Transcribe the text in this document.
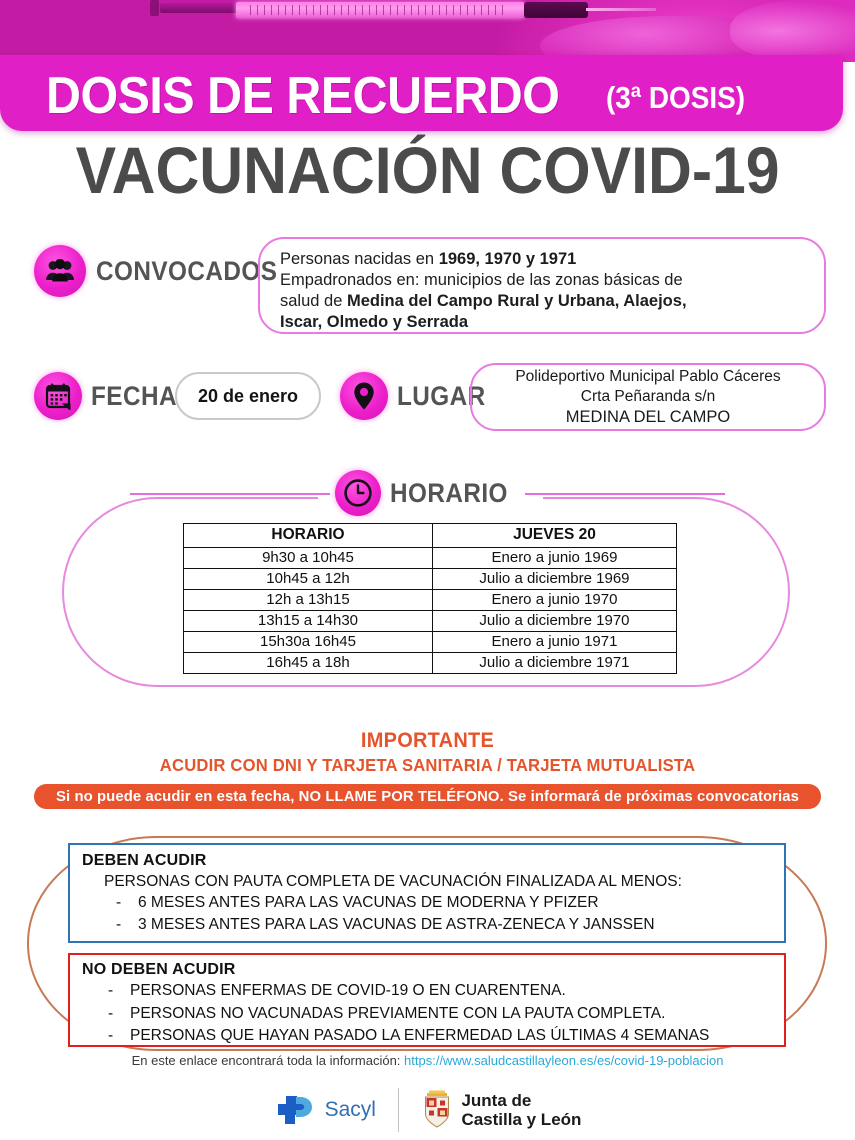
DOSIS DE RECUERDO (3ª DOSIS)
VACUNACIÓN COVID-19
CONVOCADOS Personas nacidas en 1969, 1970 y 1971

Empadronados en: municipios de las zonas básicas de

salud de Medina del Campo Rural y Urbana, Alaejos,

Iscar, Olmedo y Serrada

FECHA	20 de enero	LUGAR
Polideportivo Municipal Pablo Cáceres
Crta Peñaranda s/n
MEDINA DEL CAMPO
HORARIO
HORARIO	JUEVES 20
9h30 a 10h45	Enero a junio 1969
10h45 a 12h	Julio a diciembre 1969
12h a 13h15	Enero a junio 1970
13h15 a 14h30	Julio a diciembre 1970
15h30a 16h45	Enero a junio 1971
16h45 a 18h	Julio a diciembre 1971
IMPORTANTE
ACUDIR CON DNI Y TARJETA SANITARIA / TARJETA MUTUALISTA
Si no puede acudir en esta fecha, NO LLAME POR TELÉFONO. Se informará de próximas convocatorias
DEBEN ACUDIR
PERSONAS CON PAUTA COMPLETA DE VACUNACIÓN FINALIZADA AL MENOS:
- 6 MESES ANTES PARA LAS VACUNAS DE MODERNA Y PFIZER
- 3 MESES ANTES PARA LAS VACUNAS DE ASTRA-ZENECA Y JANSSEN
NO DEBEN ACUDIR
- PERSONAS ENFERMAS DE COVID-19 O EN CUARENTENA.
- PERSONAS NO VACUNADAS PREVIAMENTE CON LA PAUTA COMPLETA.
- PERSONAS QUE HAYAN PASADO LA ENFERMEDAD LAS ÚLTIMAS 4 SEMANAS
En este enlace encontrará toda la información: https://www.saludcastillayleon.es/es/covid-19-poblacion
Sacyl	Junta de
Castilla y León
